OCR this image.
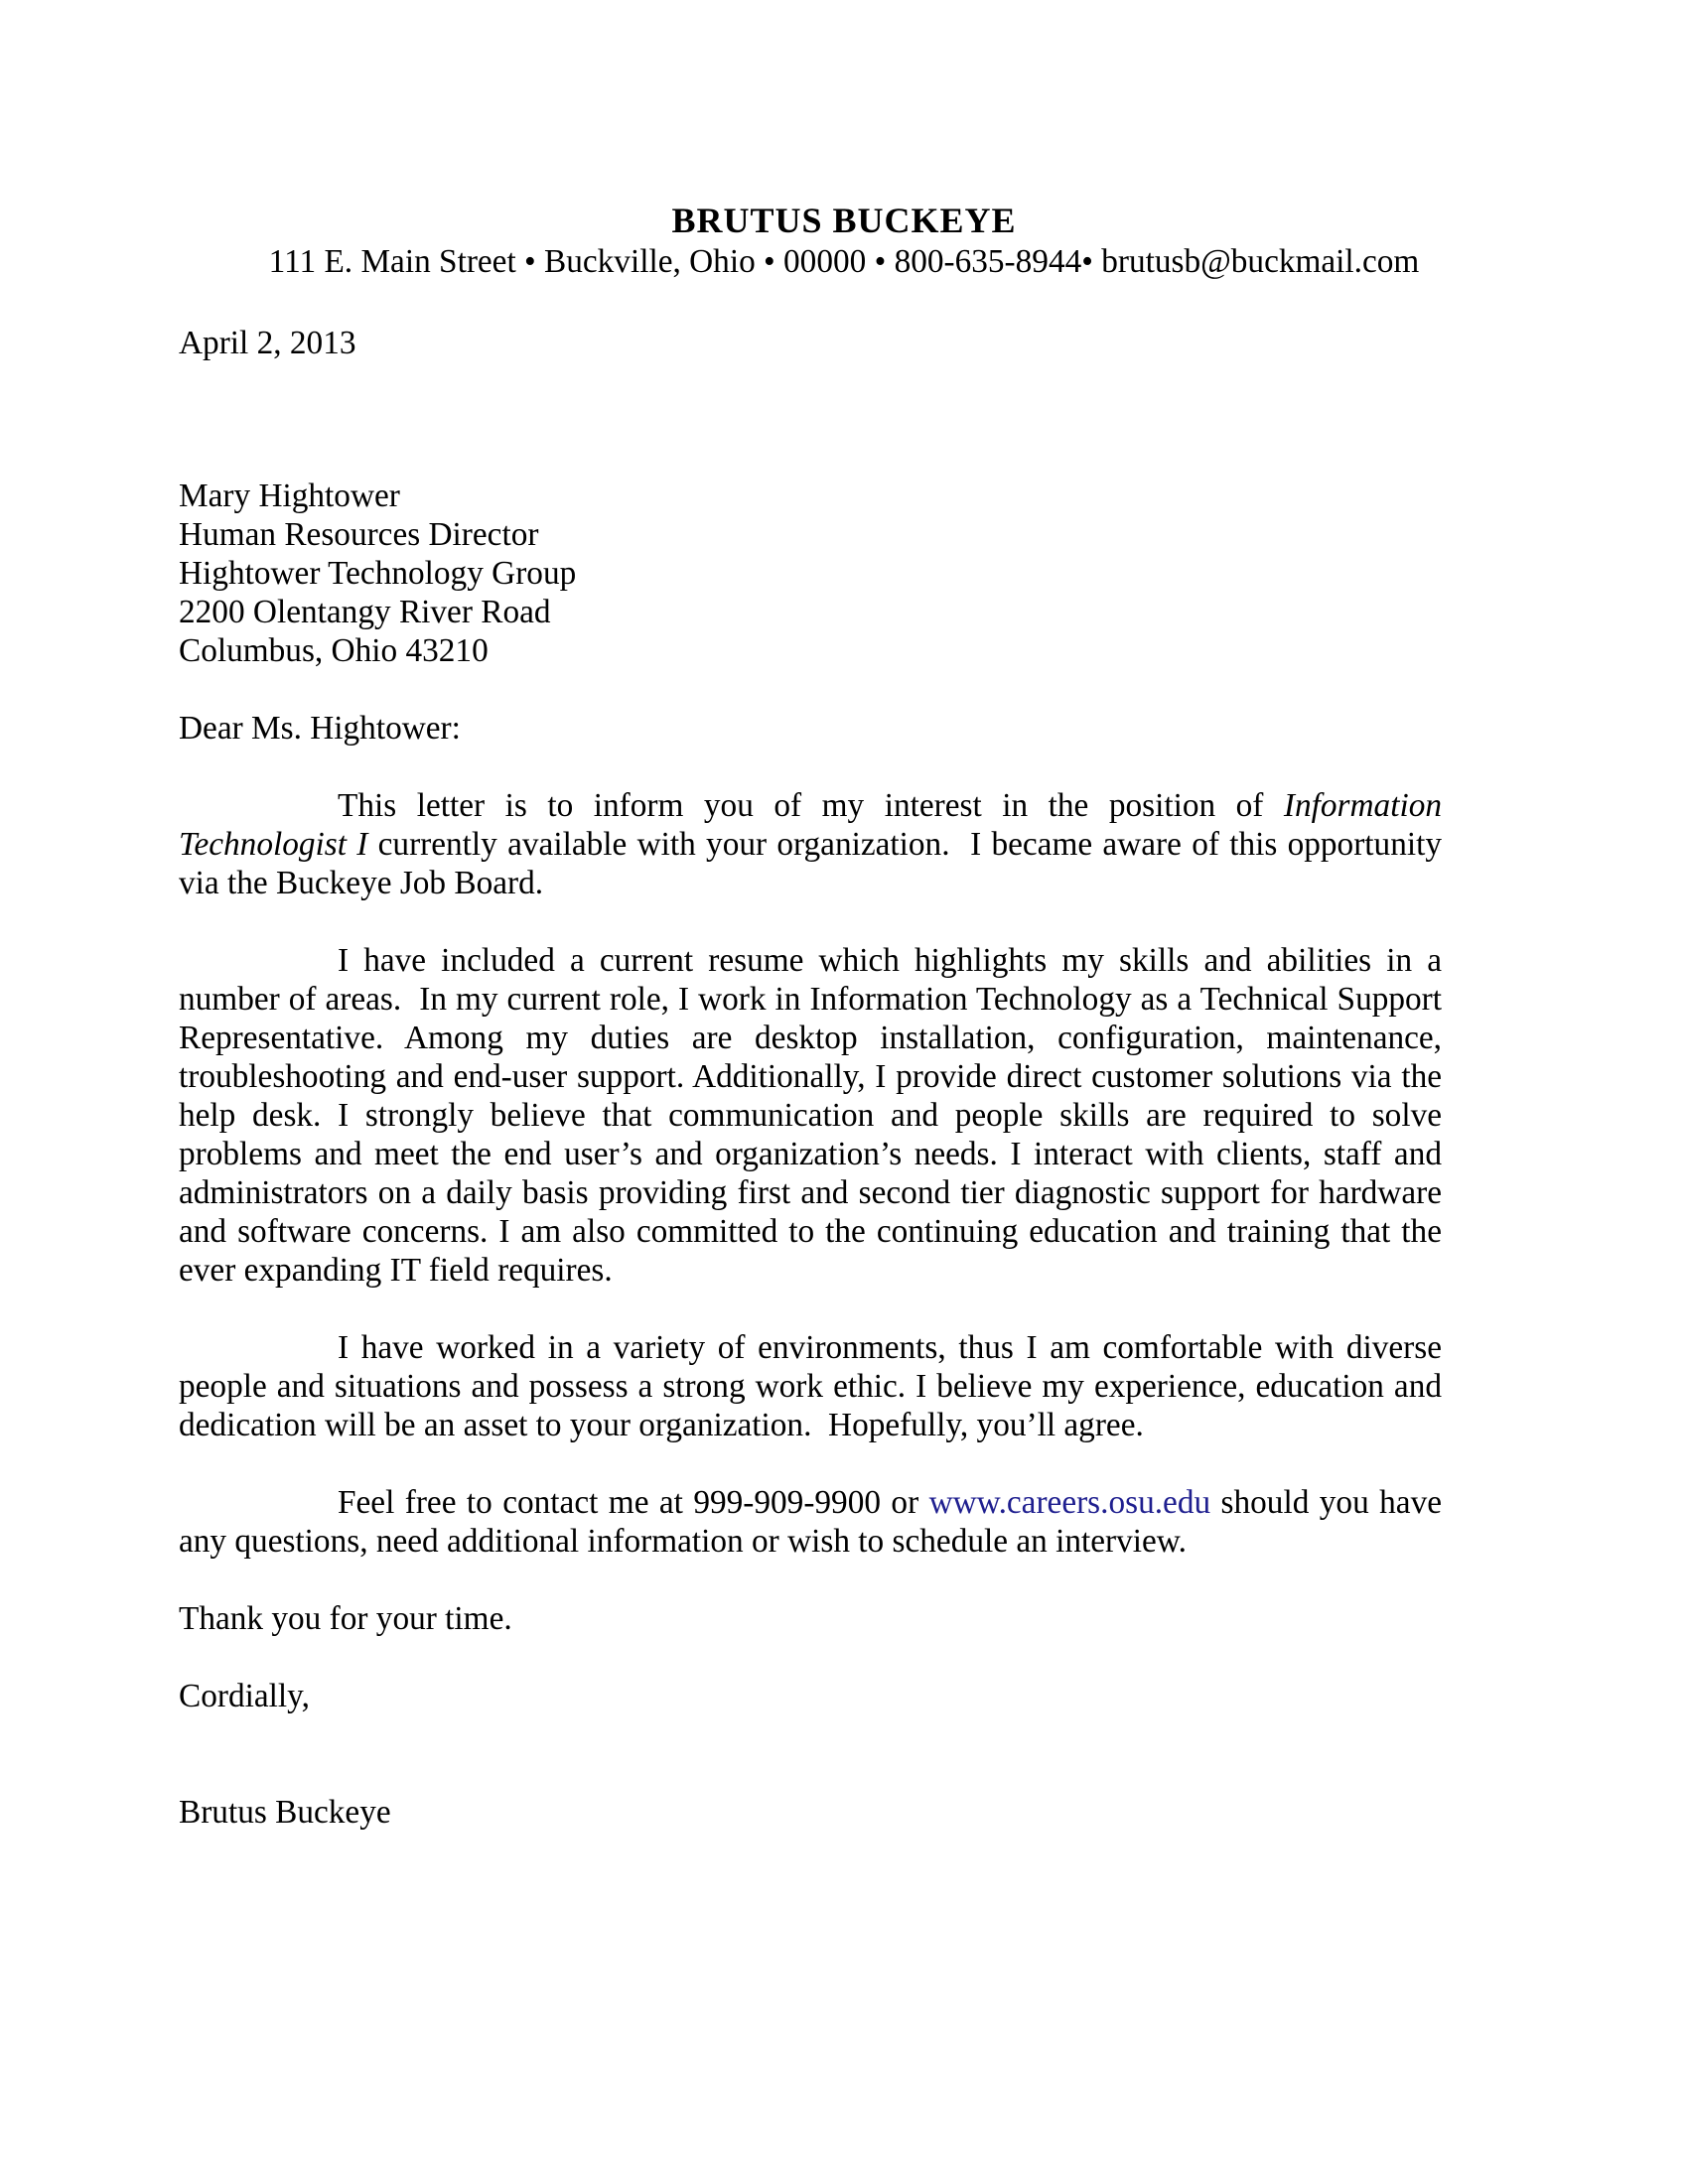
BRUTUS BUCKEYE
111 E. Main Street • Buckville, Ohio • 00000 • 800-635-8944• brutusb@buckmail.com
April 2, 2013
Mary Hightower
Human Resources Director
Hightower Technology Group
2200 Olentangy River Road
Columbus, Ohio 43210
Dear Ms. Hightower:

This letter is to inform you of my interest in the position of Information Technologist I currently available with your organization.  I became aware of this opportunity via the Buckeye Job Board.

I have included a current resume which highlights my skills and abilities in a number of areas.  In my current role, I work in Information Technology as a Technical Support Representative. Among my duties are desktop installation, configuration, maintenance, troubleshooting and end-user support. Additionally, I provide direct customer solutions via the help desk. I strongly believe that communication and people skills are required to solve problems and meet the end user’s and organization’s needs. I interact with clients, staff and administrators on a daily basis providing first and second tier diagnostic support for hardware and software concerns. I am also committed to the continuing education and training that the ever expanding IT field requires.

I have worked in a variety of environments, thus I am comfortable with diverse people and situations and possess a strong work ethic. I believe my experience, education and dedication will be an asset to your organization.  Hopefully, you’ll agree.

Feel free to contact me at 999-909-9900 or www.careers.osu.edu should you have any questions, need additional information or wish to schedule an interview.

Thank you for your time.
Cordially,
Brutus Buckeye
